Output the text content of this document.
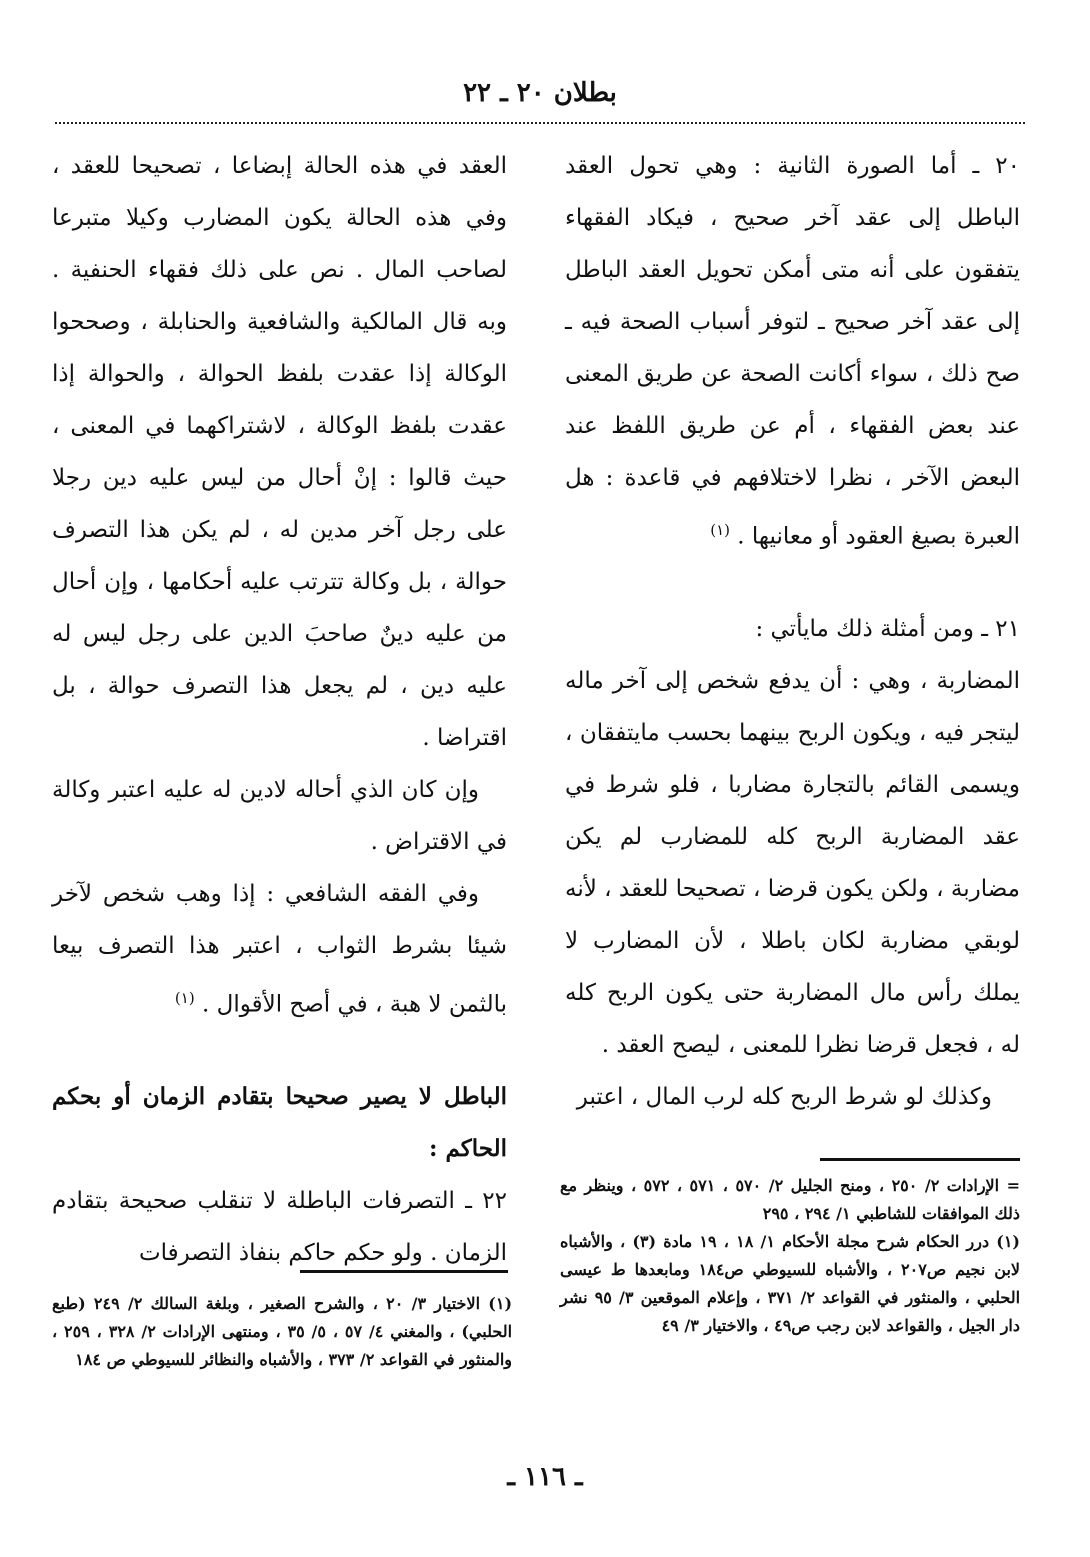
بطلان ٢٠ ـ ٢٢

٢٠ ـ أما الصورة الثانية : وهي تحول العقد الباطل إلى عقد آخر صحيح ، فيكاد الفقهاء يتفقون على أنه متى أمكن تحويل العقد الباطل إلى عقد آخر صحيح ـ لتوفر أسباب الصحة فيه ـ صح ذلك ، سواء أكانت الصحة عن طريق المعنى عند بعض الفقهاء ، أم عن طريق اللفظ عند البعض الآخر ، نظرا لاختلافهم في قاعدة : هل العبرة بصيغ العقود أو معانيها . $^{(١)}$

٢١ ـ ومن أمثلة ذلك مايأتي :

المضاربة ، وهي : أن يدفع شخص إلى آخر ماله ليتجر فيه ، ويكون الربح بينهما بحسب مايتفقان ، ويسمى القائم بالتجارة مضاربا ، فلو شرط في عقد المضاربة الربح كله للمضارب لم يكن مضاربة ، ولكن يكون قرضا ، تصحيحا للعقد ، لأنه لوبقي مضاربة لكان باطلا ، لأن المضارب لا يملك رأس مال المضاربة حتى يكون الربح كله له ، فجعل قرضا نظرا للمعنى ، ليصح العقد .

وكذلك لو شرط الربح كله لرب المال ، اعتبر

العقد في هذه الحالة إبضاعا ، تصحيحا للعقد ، وفي هذه الحالة يكون المضارب وكيلا متبرعا لصاحب المال . نص على ذلك فقهاء الحنفية . وبه قال المالكية والشافعية والحنابلة ، وصححوا الوكالة إذا عقدت بلفظ الحوالة ، والحوالة إذا عقدت بلفظ الوكالة ، لاشتراكهما في المعنى ، حيث قالوا : إنْ أحال من ليس عليه دين رجلا على رجل آخر مدين له ، لم يكن هذا التصرف حوالة ، بل وكالة تترتب عليه أحكامها ، وإن أحال من عليه دينٌ صاحبَ الدين على رجل ليس له عليه دين ، لم يجعل هذا التصرف حوالة ، بل اقتراضا .

وإن كان الذي أحاله لادين له عليه اعتبر وكالة في الاقتراض .

وفي الفقه الشافعي : إذا وهب شخص لآخر شيئا بشرط الثواب ، اعتبر هذا التصرف بيعا بالثمن لا هبة ، في أصح الأقوال . $^{(١)}$

الباطل لا يصير صحيحا بتقادم الزمان أو بحكم الحاكم :

٢٢ ـ التصرفات الباطلة لا تنقلب صحيحة بتقادم الزمان . ولو حكم حاكم بنفاذ التصرفات

= الإرادات ٢/ ٢٥٠ ، ومنح الجليل ٢/ ٥٧٠ ، ٥٧١ ، ٥٧٢ ، وينظر مع ذلك الموافقات للشاطبي ١/ ٢٩٤ ، ٢٩٥

(١) درر الحكام شرح مجلة الأحكام ١/ ١٨ ، ١٩ مادة (٣) ، والأشباه لابن نجيم ص٢٠٧ ، والأشباه للسيوطي ص١٨٤ ومابعدها ط عيسى الحلبي ، والمنثور في القواعد ٢/ ٣٧١ ، وإعلام الموقعين ٣/ ٩٥ نشر دار الجيل ، والقواعد لابن رجب ص٤٩ ، والاختيار ٣/ ٤٩

(١) الاختيار ٣/ ٢٠ ، والشرح الصغير ، وبلغة السالك ٢/ ٢٤٩ (طبع الحلبي) ، والمغني ٤/ ٥٧ ، ٥/ ٣٥ ، ومنتهى الإرادات ٢/ ٣٢٨ ، ٢٥٩ ، والمنثور في القواعد ٢/ ٣٧٣ ، والأشباه والنظائر للسيوطي ص ١٨٤

ـ ١١٦ ـ
